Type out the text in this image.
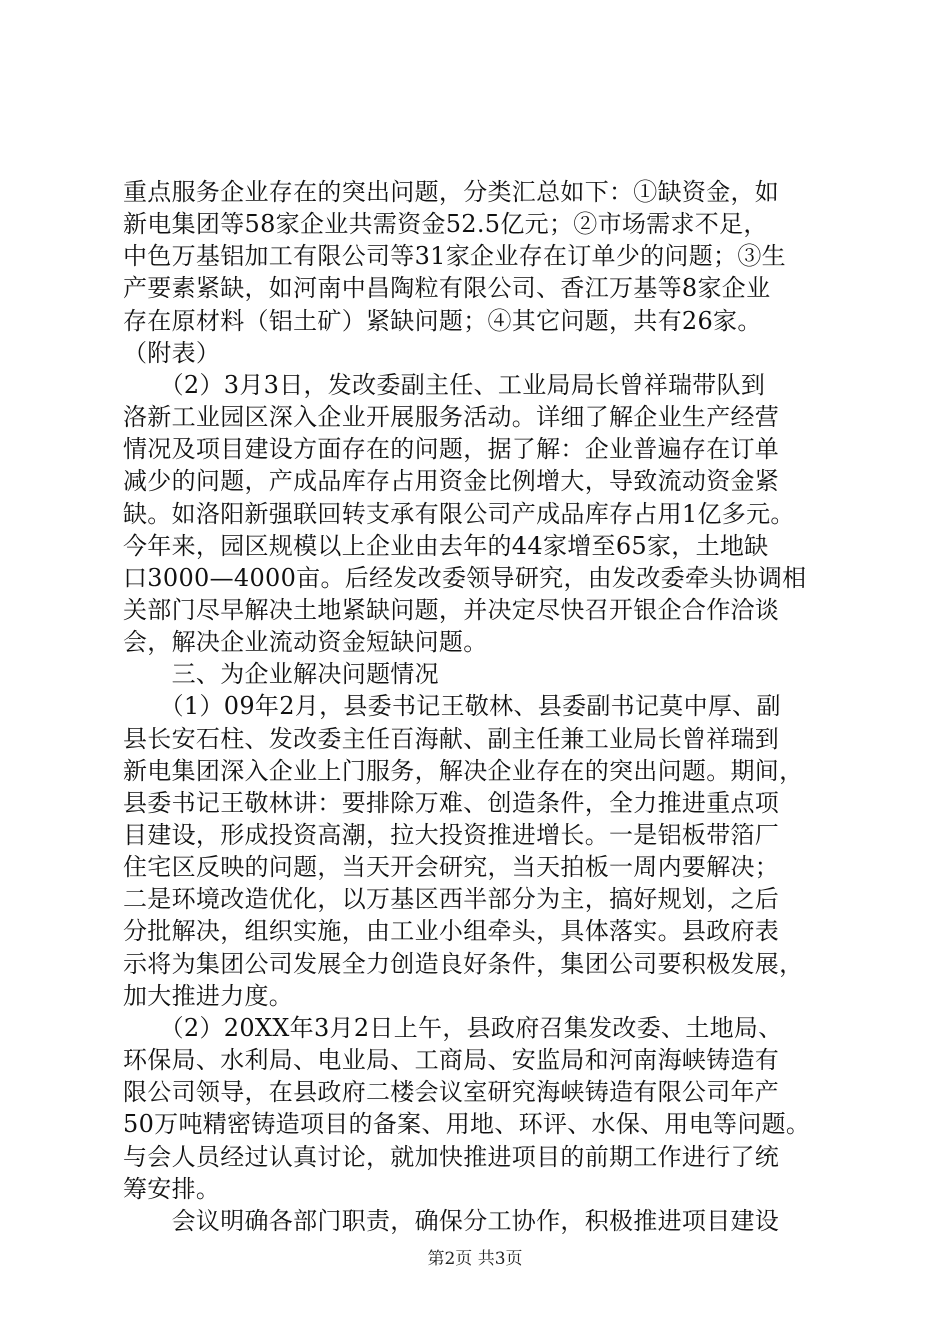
重点服务企业存在的突出问题，分类汇总如下：①缺资金，如
新电集团等58家企业共需资金52.5亿元；②市场需求不足，
中色万基铝加工有限公司等31家企业存在订单少的问题；③生
产要素紧缺，如河南中昌陶粒有限公司、香江万基等8家企业
存在原材料（铝土矿）紧缺问题；④其它问题，共有26家。
（附表）
　　（2）3月3日，发改委副主任、工业局局长曾祥瑞带队到
洛新工业园区深入企业开展服务活动。详细了解企业生产经营
情况及项目建设方面存在的问题，据了解：企业普遍存在订单
减少的问题，产成品库存占用资金比例增大，导致流动资金紧
缺。如洛阳新强联回转支承有限公司产成品库存占用1亿多元。
今年来，园区规模以上企业由去年的44家增至65家，土地缺
口3000—4000亩。后经发改委领导研究，由发改委牵头协调相
关部门尽早解决土地紧缺问题，并决定尽快召开银企合作洽谈
会，解决企业流动资金短缺问题。
　　三、为企业解决问题情况
　　（1）09年2月，县委书记王敬林、县委副书记莫中厚、副
县长安石柱、发改委主任百海献、副主任兼工业局长曾祥瑞到
新电集团深入企业上门服务，解决企业存在的突出问题。期间，
县委书记王敬林讲：要排除万难、创造条件，全力推进重点项
目建设，形成投资高潮，拉大投资推进增长。一是铝板带箔厂
住宅区反映的问题，当天开会研究，当天拍板一周内要解决；
二是环境改造优化，以万基区西半部分为主，搞好规划，之后
分批解决，组织实施，由工业小组牵头，具体落实。县政府表
示将为集团公司发展全力创造良好条件，集团公司要积极发展，
加大推进力度。
　　（2）20XX年3月2日上午，县政府召集发改委、土地局、
环保局、水利局、电业局、工商局、安监局和河南海峡铸造有
限公司领导，在县政府二楼会议室研究海峡铸造有限公司年产
50万吨精密铸造项目的备案、用地、环评、水保、用电等问题。
与会人员经过认真讨论，就加快推进项目的前期工作进行了统
筹安排。
　　会议明确各部门职责，确保分工协作，积极推进项目建设
第2页 共3页
